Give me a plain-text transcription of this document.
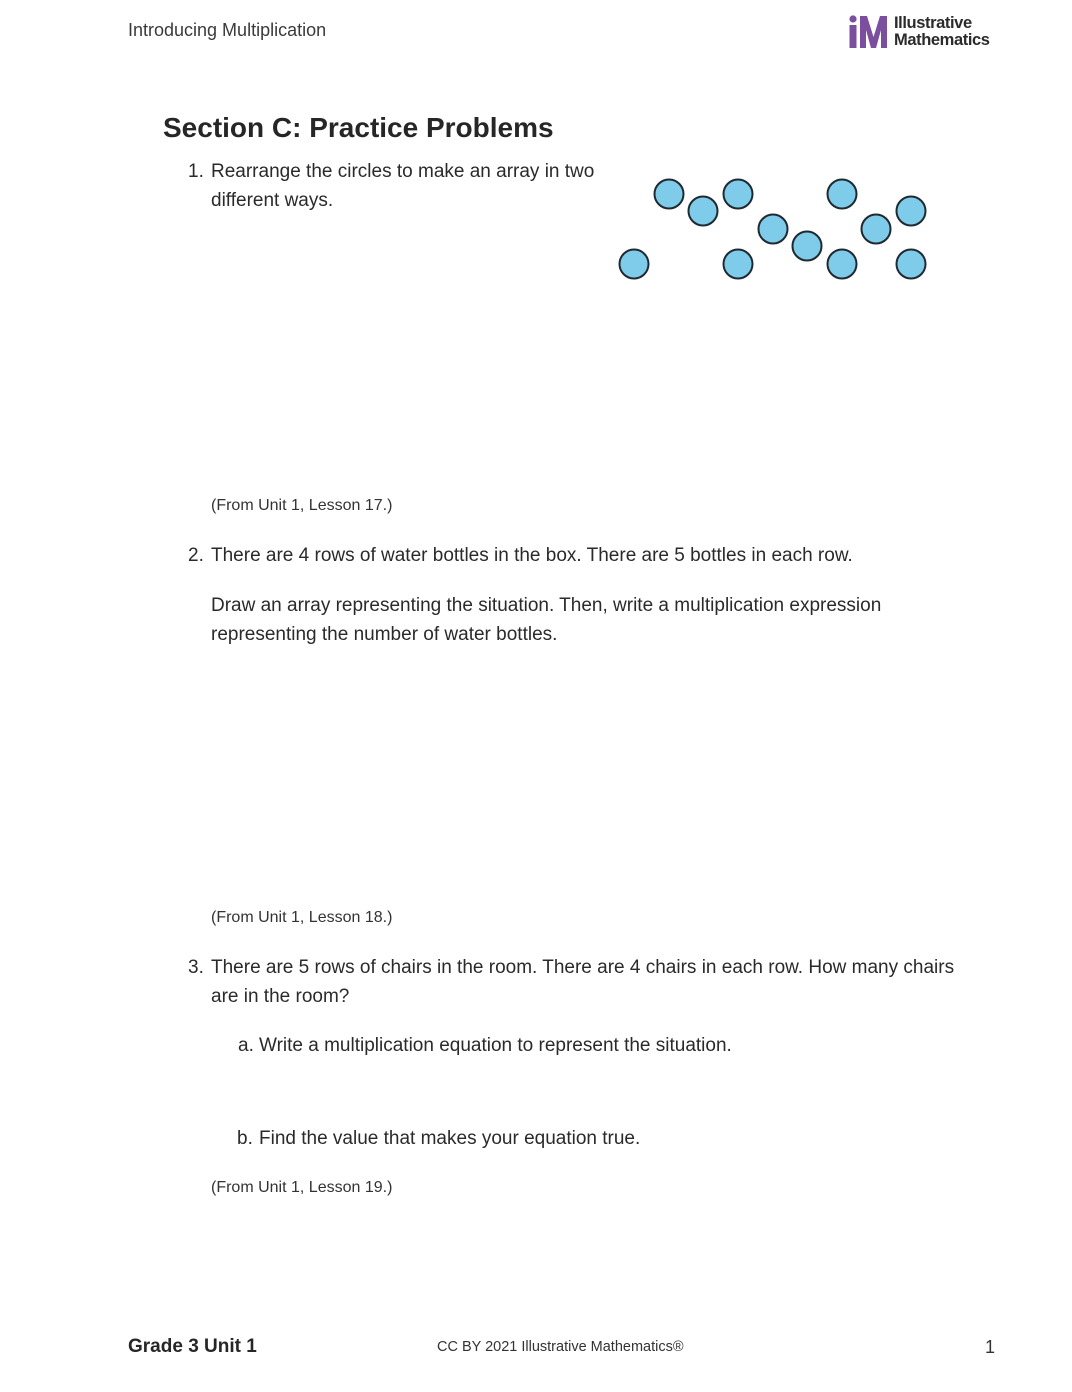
Introducing Multiplication	Illustrative
Mathematics
Section C: Practice Problems
1. Rearrange the circles to make an array in two different ways.
(From Unit 1, Lesson 17.)
2. There are 4 rows of water bottles in the box. There are 5 bottles in each row.
Draw an array representing the situation. Then, write a multiplication expression representing the number of water bottles.
(From Unit 1, Lesson 18.)
3. There are 5 rows of chairs in the room. There are 4 chairs in each row. How many chairs are in the room?
a. Write a multiplication equation to represent the situation.
b. Find the value that makes your equation true.
(From Unit 1, Lesson 19.)
Grade 3 Unit 1	CC BY 2021 Illustrative Mathematics®	1
